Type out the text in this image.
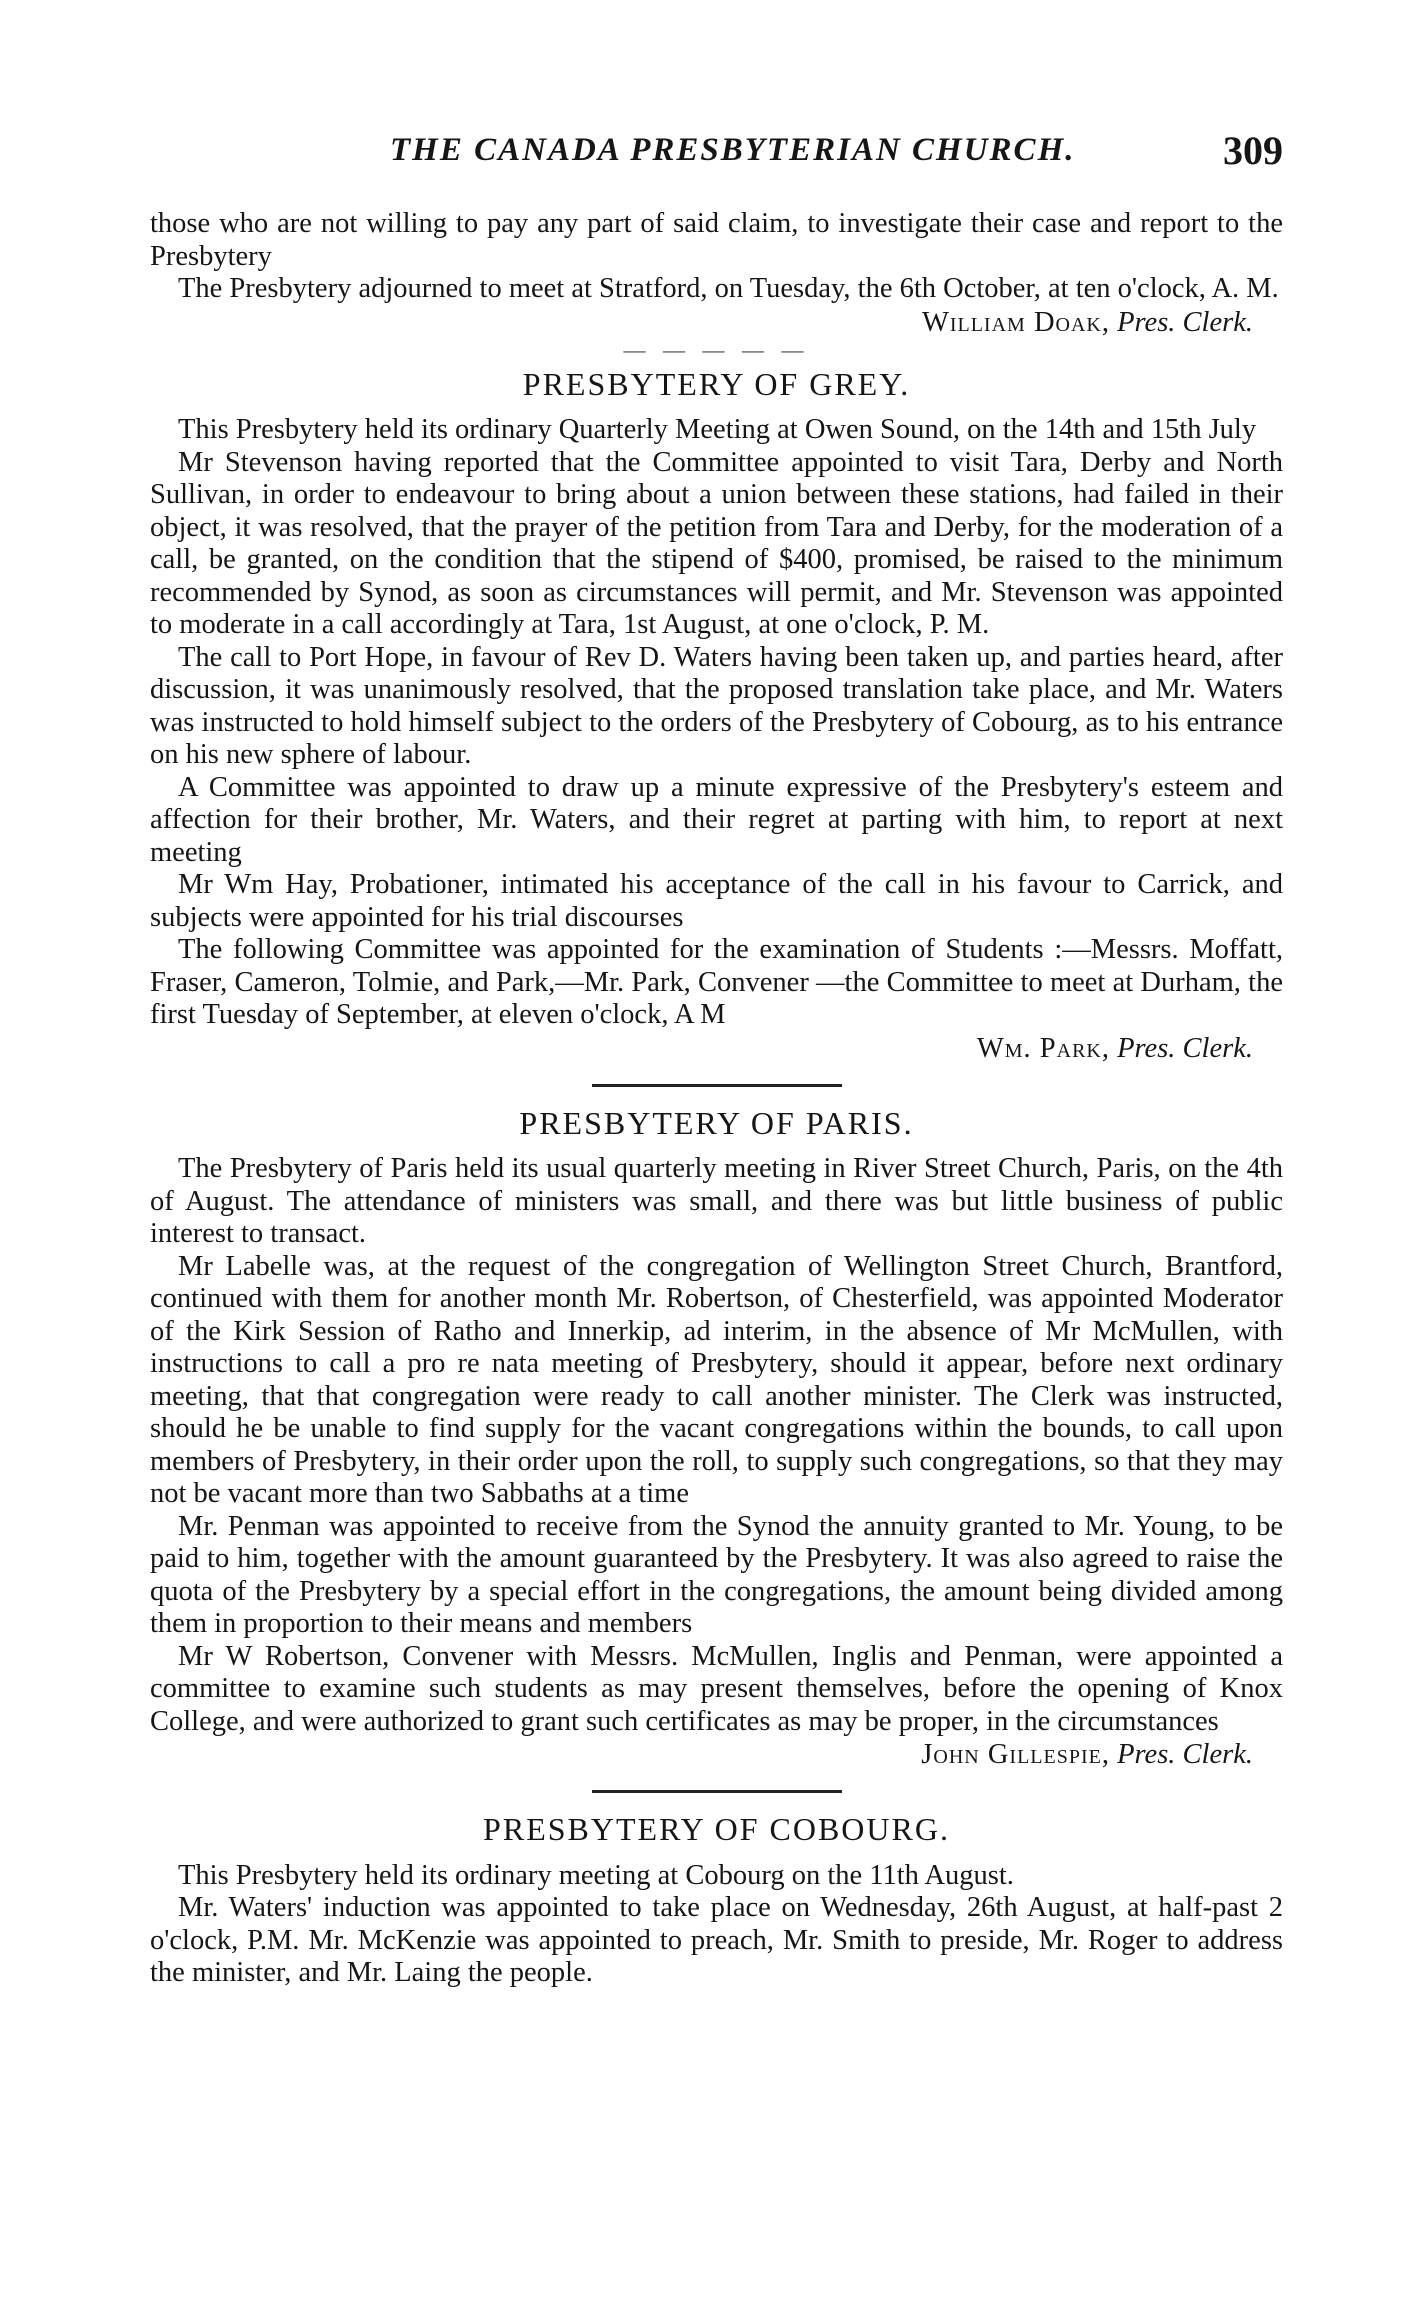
THE CANADA PRESBYTERIAN CHURCH.	309

those who are not willing to pay any part of said claim, to investigate their case and report to the Presbytery

The Presbytery adjourned to meet at Stratford, on Tuesday, the 6th October, at ten o'clock, A. M.

William Doak, Pres. Clerk.
— — — — —
PRESBYTERY OF GREY.

This Presbytery held its ordinary Quarterly Meeting at Owen Sound, on the 14th and 15th July

Mr Stevenson having reported that the Committee appointed to visit Tara, Derby and North Sullivan, in order to endeavour to bring about a union between these stations, had failed in their object, it was resolved, that the prayer of the petition from Tara and Derby, for the moderation of a call, be granted, on the condition that the stipend of $400, promised, be raised to the minimum recommended by Synod, as soon as circumstances will permit, and Mr. Stevenson was appointed to moderate in a call accordingly at Tara, 1st August, at one o'clock, P. M.

The call to Port Hope, in favour of Rev D. Waters having been taken up, and parties heard, after discussion, it was unanimously resolved, that the proposed translation take place, and Mr. Waters was instructed to hold himself subject to the orders of the Presbytery of Cobourg, as to his entrance on his new sphere of labour.

A Committee was appointed to draw up a minute expressive of the Presbytery's esteem and affection for their brother, Mr. Waters, and their regret at parting with him, to report at next meeting

Mr Wm Hay, Probationer, intimated his acceptance of the call in his favour to Carrick, and subjects were appointed for his trial discourses

The following Committee was appointed for the examination of Students :—Messrs. Moffatt, Fraser, Cameron, Tolmie, and Park,—Mr. Park, Convener —the Committee to meet at Durham, the first Tuesday of September, at eleven o'clock, A M

Wm. Park, Pres. Clerk.
PRESBYTERY OF PARIS.

The Presbytery of Paris held its usual quarterly meeting in River Street Church, Paris, on the 4th of August. The attendance of ministers was small, and there was but little business of public interest to transact.

Mr Labelle was, at the request of the congregation of Wellington Street Church, Brantford, continued with them for another month Mr. Robertson, of Chesterfield, was appointed Moderator of the Kirk Session of Ratho and Innerkip, ad interim, in the absence of Mr McMullen, with instructions to call a pro re nata meeting of Presbytery, should it appear, before next ordinary meeting, that that congregation were ready to call another minister. The Clerk was instructed, should he be unable to find supply for the vacant congregations within the bounds, to call upon members of Presbytery, in their order upon the roll, to supply such congregations, so that they may not be vacant more than two Sabbaths at a time

Mr. Penman was appointed to receive from the Synod the annuity granted to Mr. Young, to be paid to him, together with the amount guaranteed by the Presbytery. It was also agreed to raise the quota of the Presbytery by a special effort in the congregations, the amount being divided among them in proportion to their means and members

Mr W Robertson, Convener with Messrs. McMullen, Inglis and Penman, were appointed a committee to examine such students as may present themselves, before the opening of Knox College, and were authorized to grant such certificates as may be proper, in the circumstances

John Gillespie, Pres. Clerk.
PRESBYTERY OF COBOURG.

This Presbytery held its ordinary meeting at Cobourg on the 11th August.

Mr. Waters' induction was appointed to take place on Wednesday, 26th August, at half-past 2 o'clock, P.M. Mr. McKenzie was appointed to preach, Mr. Smith to preside, Mr. Roger to address the minister, and Mr. Laing the people.
